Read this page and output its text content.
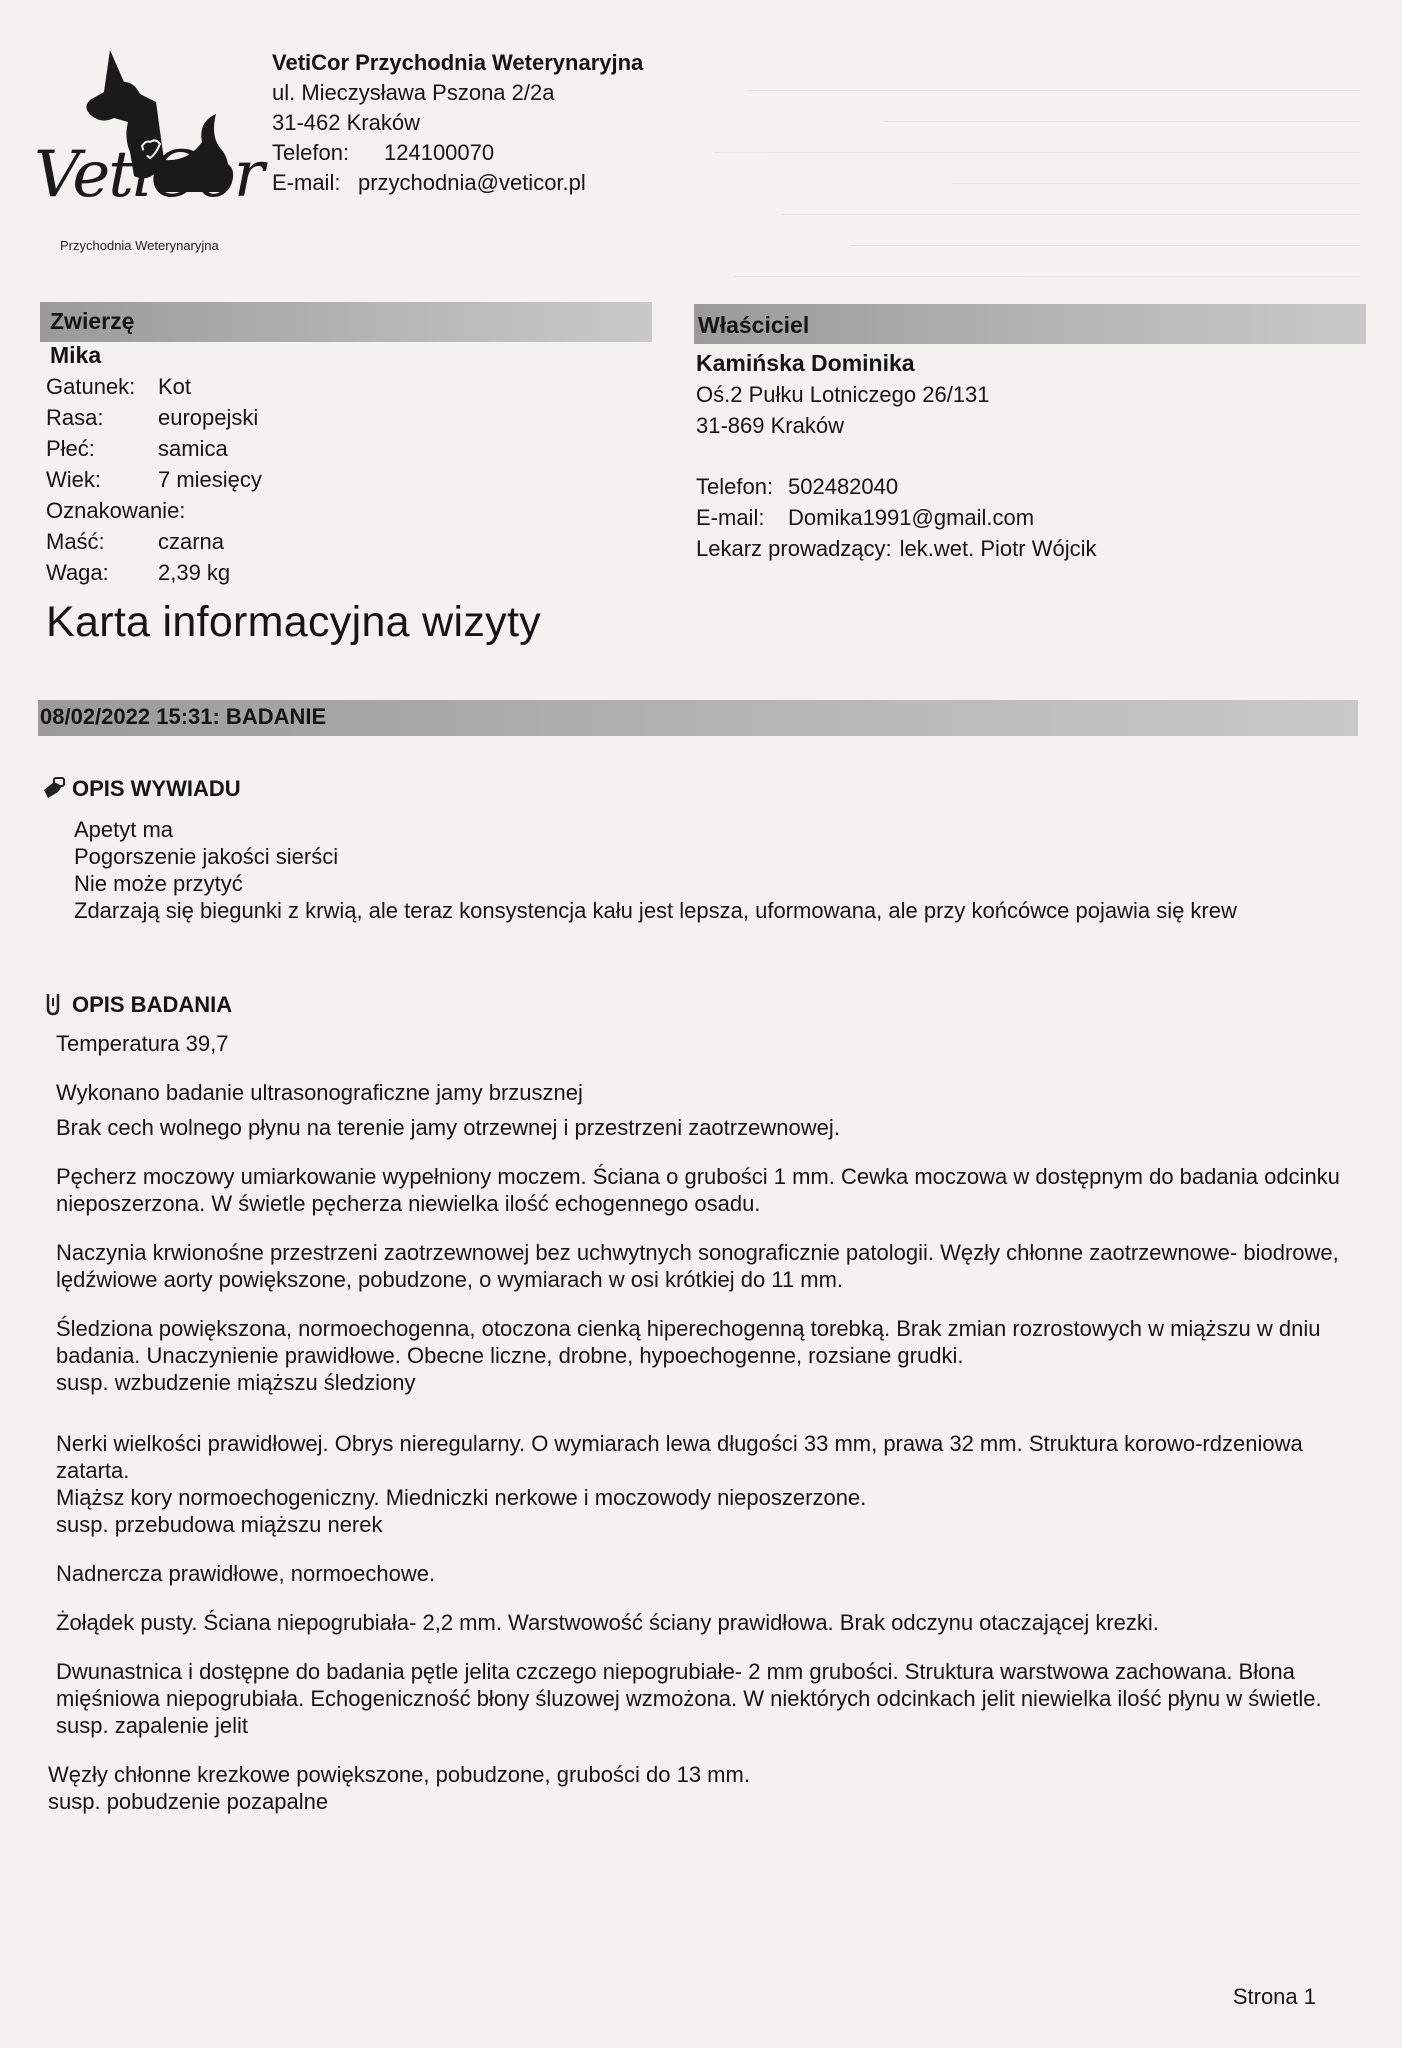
VetiCor
Przychodnia Weterynaryjna
VetiCor Przychodnia Weterynaryjna
ul. Mieczysława Pszona 2/2a
31-462 Kraków
Telefon: 124100070
E-mail: przychodnia@veticor.pl
Zwierzę	Właściciel
Mika
Gatunek:	Kot
Rasa:	europejski
Płeć:	samica
Wiek:	7 miesięcy
Oznakowanie:
Maść:	czarna
Waga:	2,39 kg
Kamińska Dominika
Oś.2 Pułku Lotniczego 26/131
31-869 Kraków
Telefon: 502482040
E-mail:	Domika1991@gmail.com
Lekarz prowadzący: lek.wet. Piotr Wójcik
Karta informacyjna wizyty
08/02/2022 15:31: BADANIE
OPIS WYWIADU
Apetyt ma
Pogorszenie jakości sierści
Nie może przytyć
Zdarzają się biegunki z krwią, ale teraz konsystencja kału jest lepsza, uformowana, ale przy końcówce pojawia się krew
OPIS BADANIA

Temperatura 39,7

Wykonano badanie ultrasonograficzne jamy brzusznej

Brak cech wolnego płynu na terenie jamy otrzewnej i przestrzeni zaotrzewnowej.

Pęcherz moczowy umiarkowanie wypełniony moczem. Ściana o grubości 1 mm. Cewka moczowa w dostępnym do badania odcinku nieposzerzona. W świetle pęcherza niewielka ilość echogennego osadu.

Naczynia krwionośne przestrzeni zaotrzewnowej bez uchwytnych sonograficznie patologii. Węzły chłonne zaotrzewnowe- biodrowe, lędźwiowe aorty powiększone, pobudzone, o wymiarach w osi krótkiej do 11 mm.

Śledziona powiększona, normoechogenna, otoczona cienką hiperechogenną torebką. Brak zmian rozrostowych w miąższu w dniu badania. Unaczynienie prawidłowe. Obecne liczne, drobne, hypoechogenne, rozsiane grudki.
susp. wzbudzenie miąższu śledziony

Nerki wielkości prawidłowej. Obrys nieregularny. O wymiarach lewa długości 33 mm, prawa 32 mm. Struktura korowo-rdzeniowa zatarta.
Miąższ kory normoechogeniczny. Miedniczki nerkowe i moczowody nieposzerzone.
susp. przebudowa miąższu nerek

Nadnercza prawidłowe, normoechowe.

Żołądek pusty. Ściana niepogrubiała- 2,2 mm. Warstwowość ściany prawidłowa. Brak odczynu otaczającej krezki.

Dwunastnica i dostępne do badania pętle jelita czczego niepogrubiałe- 2 mm grubości. Struktura warstwowa zachowana. Błona mięśniowa niepogrubiała. Echogeniczność błony śluzowej wzmożona. W niektórych odcinkach jelit niewielka ilość płynu w świetle.
susp. zapalenie jelit

Węzły chłonne krezkowe powiększone, pobudzone, grubości do 13 mm.
susp. pobudzenie pozapalne

Strona 1
